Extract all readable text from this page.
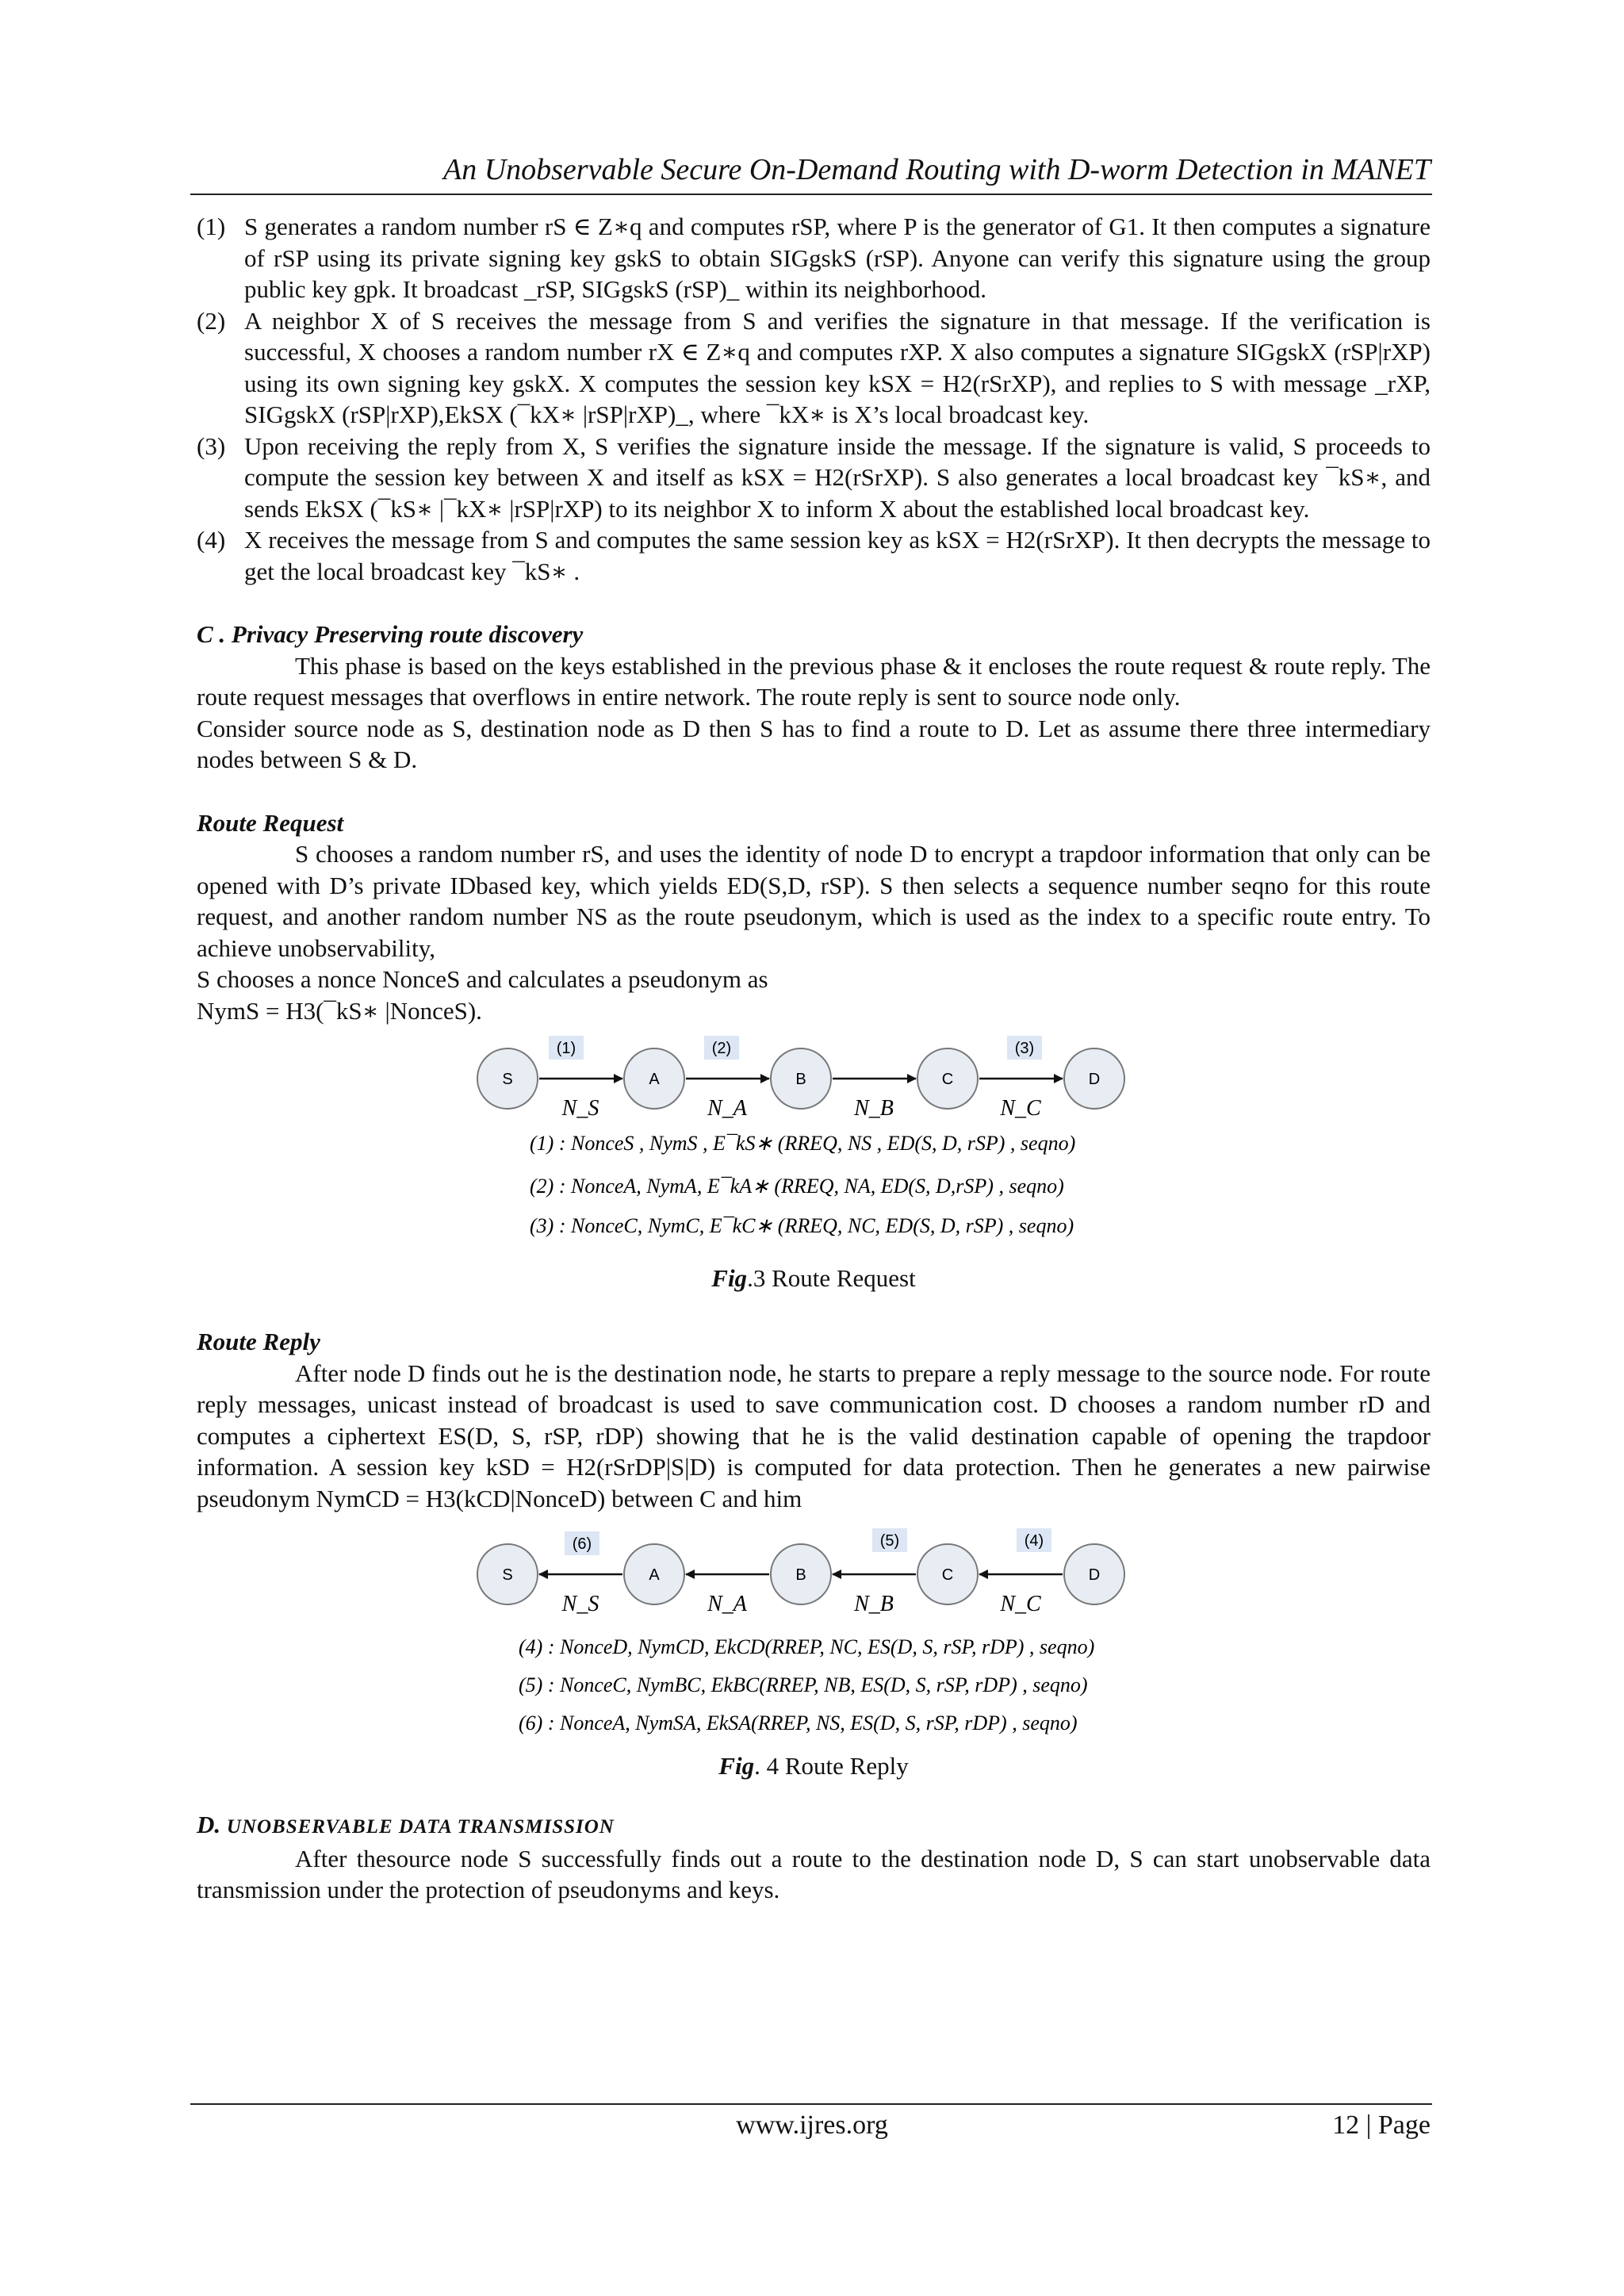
An Unobservable Secure On-Demand Routing with D-worm Detection in MANET
(1) S generates a random number rS ∈ Z∗q and computes rSP, where P is the generator of G1. It then computes a signature of rSP using its private signing key gskS to obtain SIGgskS (rSP). Anyone can verify this signature using the group public key gpk. It broadcast _rSP, SIGgskS (rSP)_ within its neighborhood.
(2) A neighbor X of S receives the message from S and verifies the signature in that message. If the verification is successful, X chooses a random number rX ∈ Z∗q and computes rXP. X also computes a signature SIGgskX (rSP|rXP) using its own signing key gskX. X computes the session key kSX = H2(rSrXP), and replies to S with message _rXP, SIGgskX (rSP|rXP),EkSX (¯kX∗ |rSP|rXP)_, where ¯kX∗ is X’s local broadcast key.
(3) Upon receiving the reply from X, S verifies the signature inside the message. If the signature is valid, S proceeds to compute the session key between X and itself as kSX = H2(rSrXP). S also generates a local broadcast key ¯kS∗, and sends EkSX (¯kS∗ |¯kX∗ |rSP|rXP) to its neighbor X to inform X about the established local broadcast key.
(4) X receives the message from S and computes the same session key as kSX = H2(rSrXP). It then decrypts the message to get the local broadcast key ¯kS∗ .

C . Privacy Preserving route discovery

This phase is based on the keys established in the previous phase & it encloses the route request & route reply. The route request messages that overflows in entire network. The route reply is sent to source node only.

Consider source node as S, destination node as D then S has to find a route to D. Let as assume there three intermediary nodes between S & D.

Route Request

S chooses a random number rS, and uses the identity of node D to encrypt a trapdoor information that only can be opened with D’s private IDbased key, which yields ED(S,D, rSP). S then selects a sequence number seqno for this route request, and another random number NS as the route pseudonym, which is used as the index to a specific route entry. To achieve unobservability,

S chooses a nonce NonceS and calculates a pseudonym as

NymS = H3(¯kS∗ |NonceS).

(1)	(2)	(3)
S	A	B	C	D
N_S	N_A	N_B	N_C
(1) : NonceS , NymS , E¯kS∗ (RREQ, NS , ED(S, D, rSP) , seqno)
(2) : NonceA, NymA, E¯kA∗ (RREQ, NA, ED(S, D,rSP) , seqno)
(3) : NonceC, NymC, E¯kC∗ (RREQ, NC, ED(S, D, rSP) , seqno)
Fig.3 Route Request

Route Reply

After node D finds out he is the destination node, he starts to prepare a reply message to the source node. For route reply messages, unicast instead of broadcast is used to save communication cost. D chooses a random number rD and computes a ciphertext ES(D, S, rSP, rDP) showing that he is the valid destination capable of opening the trapdoor information. A session key kSD = H2(rSrDP|S|D) is computed for data protection. Then he generates a new pairwise pseudonym NymCD = H3(kCD|NonceD) between C and him

(6)	(5)	(4)
S	A	B	C	D
N_S	N_A	N_B	N_C
(4) : NonceD, NymCD, EkCD(RREP, NC, ES(D, S, rSP, rDP) , seqno)
(5) : NonceC, NymBC, EkBC(RREP, NB, ES(D, S, rSP, rDP) , seqno)
(6) : NonceA, NymSA, EkSA(RREP, NS, ES(D, S, rSP, rDP) , seqno)
Fig. 4 Route Reply

D. UNOBSERVABLE DATA TRANSMISSION

After thesource node S successfully finds out a route to the destination node D, S can start unobservable data transmission under the protection of pseudonyms and keys.

www.ijres.org	12 | Page
